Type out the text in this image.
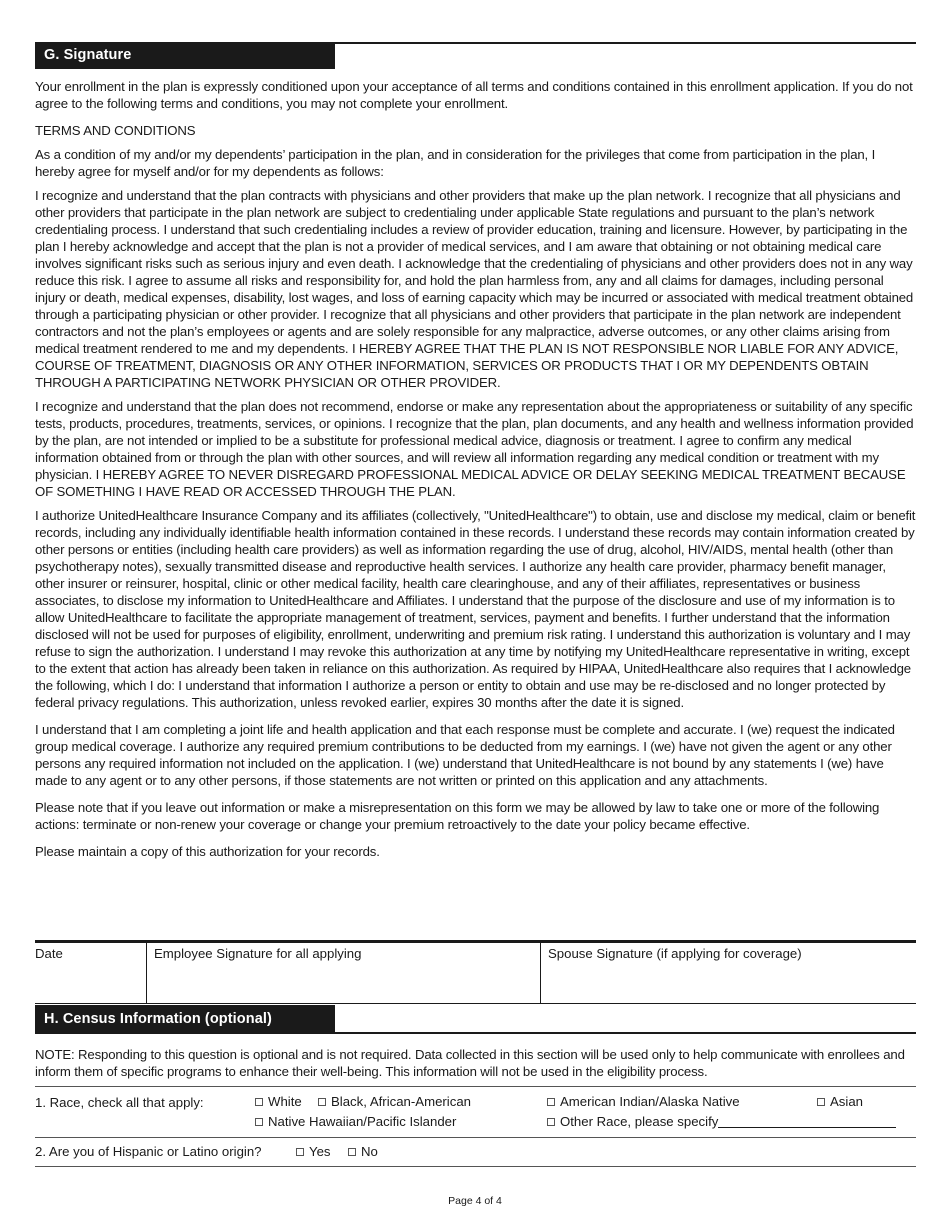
G. Signature

Your enrollment in the plan is expressly conditioned upon your acceptance of all terms and conditions contained in this enrollment application. If you do not agree to the following terms and conditions, you may not complete your enrollment.

TERMS AND CONDITIONS

As a condition of my and/or my dependents’ participation in the plan, and in consideration for the privileges that come from participation in the plan, I hereby agree for myself and/or for my dependents as follows:

I recognize and understand that the plan contracts with physicians and other providers that make up the plan network. I recognize that all physicians and other providers that participate in the plan network are subject to credentialing under applicable State regulations and pursuant to the plan’s network credentialing process. I understand that such credentialing includes a review of provider education, training and licensure. However, by participating in the plan I hereby acknowledge and accept that the plan is not a provider of medical services, and I am aware that obtaining or not obtaining medical care involves significant risks such as serious injury and even death. I acknowledge that the credentialing of physicians and other providers does not in any way reduce this risk. I agree to assume all risks and responsibility for, and hold the plan harmless from, any and all claims for damages, including personal injury or death, medical expenses, disability, lost wages, and loss of earning capacity which may be incurred or associated with medical treatment obtained through a participating physician or other provider. I recognize that all physicians and other providers that participate in the plan network are independent contractors and not the plan’s employees or agents and are solely responsible for any malpractice, adverse outcomes, or any other claims arising from medical treatment rendered to me and my dependents. I HEREBY AGREE THAT THE PLAN IS NOT RESPONSIBLE NOR LIABLE FOR ANY ADVICE, COURSE OF TREATMENT, DIAGNOSIS OR ANY OTHER INFORMATION, SERVICES OR PRODUCTS THAT I OR MY DEPENDENTS OBTAIN THROUGH A PARTICIPATING NETWORK PHYSICIAN OR OTHER PROVIDER.

I recognize and understand that the plan does not recommend, endorse or make any representation about the appropriateness or suitability of any specific tests, products, procedures, treatments, services, or opinions. I recognize that the plan, plan documents, and any health and wellness information provided by the plan, are not intended or implied to be a substitute for professional medical advice, diagnosis or treatment. I agree to confirm any medical information obtained from or through the plan with other sources, and will review all information regarding any medical condition or treatment with my physician. I HEREBY AGREE TO NEVER DISREGARD PROFESSIONAL MEDICAL ADVICE OR DELAY SEEKING MEDICAL TREATMENT BECAUSE OF SOMETHING I HAVE READ OR ACCESSED THROUGH THE PLAN.

I authorize UnitedHealthcare Insurance Company and its affiliates (collectively, "UnitedHealthcare") to obtain, use and disclose my medical, claim or benefit records, including any individually identifiable health information contained in these records. I understand these records may contain information created by other persons or entities (including health care providers) as well as information regarding the use of drug, alcohol, HIV/AIDS, mental health (other than psychotherapy notes), sexually transmitted disease and reproductive health services. I authorize any health care provider, pharmacy benefit manager, other insurer or reinsurer, hospital, clinic or other medical facility, health care clearinghouse, and any of their affiliates, representatives or business associates, to disclose my information to UnitedHealthcare and Affiliates. I understand that the purpose of the disclosure and use of my information is to allow UnitedHealthcare to facilitate the appropriate management of treatment, services, payment and benefits. I further understand that the information disclosed will not be used for purposes of eligibility, enrollment, underwriting and premium risk rating. I understand this authorization is voluntary and I may refuse to sign the authorization. I understand I may revoke this authorization at any time by notifying my UnitedHealthcare representative in writing, except to the extent that action has already been taken in reliance on this authorization. As required by HIPAA, UnitedHealthcare also requires that I acknowledge the following, which I do: I understand that information I authorize a person or entity to obtain and use may be re-disclosed and no longer protected by federal privacy regulations. This authorization, unless revoked earlier, expires 30 months after the date it is signed.

I understand that I am completing a joint life and health application and that each response must be complete and accurate. I (we) request the indicated group medical coverage. I authorize any required premium contributions to be deducted from my earnings. I (we) have not given the agent or any other persons any required information not included on the application. I (we) understand that UnitedHealthcare is not bound by any statements I (we) have made to any agent or to any other persons, if those statements are not written or printed on this application and any attachments.

Please note that if you leave out information or make a misrepresentation on this form we may be allowed by law to take one or more of the following actions: terminate or non-renew your coverage or change your premium retroactively to the date your policy became effective.

Please maintain a copy of this authorization for your records.

Date	Employee Signature for all applying	Spouse Signature (if applying for coverage)
H. Census Information (optional)

NOTE: Responding to this question is optional and is not required. Data collected in this section will be used only to help communicate with enrollees and inform them of specific programs to enhance their well-being. This information will not be used in the eligibility process.

1. Race, check all that apply:	White	Black, African-American
Native Hawaiian/Pacific Islander
American Indian/Alaska Native
Other Race, please specify
Asian
2. Are you of Hispanic or Latino origin?	Yes	No
Page 4 of 4
